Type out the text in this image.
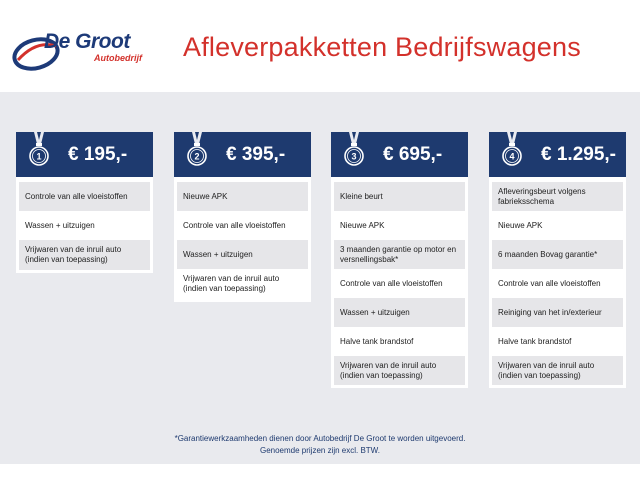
De Groot
Autobedrijf Afleverpakketten Bedrijfswagens
1 € 195,-
Controle van alle vloeistoffen
Wassen + uitzuigen
Vrijwaren van de inruil auto (indien van toepassing)
2 € 395,-
Nieuwe APK
Controle van alle vloeistoffen
Wassen + uitzuigen
Vrijwaren van de inruil auto (indien van toepassing)
3 € 695,-
Kleine beurt
Nieuwe APK
3 maanden garantie op motor en versnellingsbak*
Controle van alle vloeistoffen
Wassen + uitzuigen
Halve tank brandstof
Vrijwaren van de inruil auto (indien van toepassing)
4 € 1.295,-
Afleveringsbeurt volgens fabrieksschema
Nieuwe APK
6 maanden Bovag garantie*
Controle van alle vloeistoffen
Reiniging van het in/exterieur
Halve tank brandstof
Vrijwaren van de inruil auto (indien van toepassing)
*Garantiewerkzaamheden dienen door Autobedrijf De Groot te worden uitgevoerd.
Genoemde prijzen zijn excl. BTW.
